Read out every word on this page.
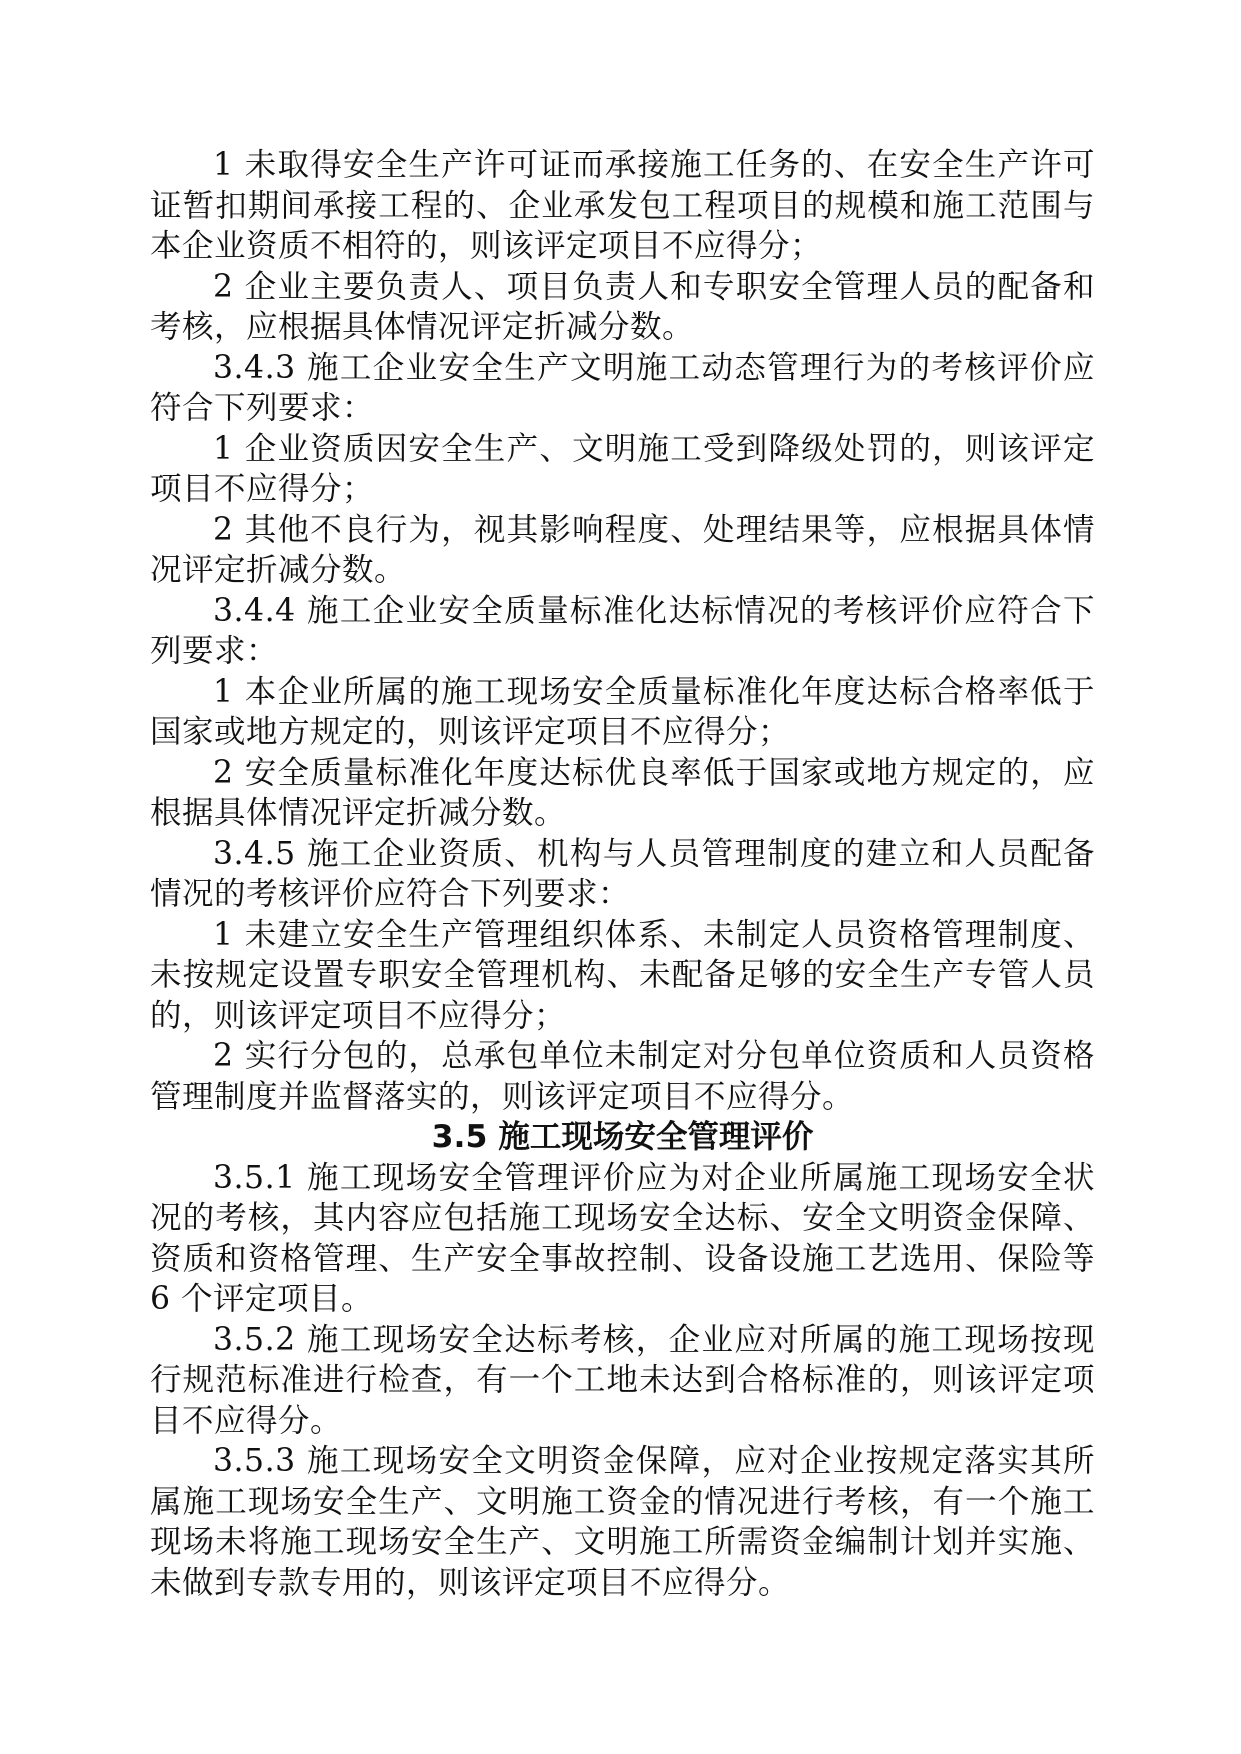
1 未取得安全生产许可证而承接施工任务的、在安全生产许可证暂扣期间承接工程的、企业承发包工程项目的规模和施工范围与本企业资质不相符的，则该评定项目不应得分；

2 企业主要负责人、项目负责人和专职安全管理人员的配备和考核，应根据具体情况评定折减分数。

3.4.3 施工企业安全生产文明施工动态管理行为的考核评价应符合下列要求：

1 企业资质因安全生产、文明施工受到降级处罚的，则该评定项目不应得分；

2 其他不良行为，视其影响程度、处理结果等，应根据具体情况评定折减分数。

3.4.4 施工企业安全质量标准化达标情况的考核评价应符合下列要求：

1 本企业所属的施工现场安全质量标准化年度达标合格率低于国家或地方规定的，则该评定项目不应得分；

2 安全质量标准化年度达标优良率低于国家或地方规定的，应根据具体情况评定折减分数。

3.4.5 施工企业资质、机构与人员管理制度的建立和人员配备情况的考核评价应符合下列要求：

1 未建立安全生产管理组织体系、未制定人员资格管理制度、未按规定设置专职安全管理机构、未配备足够的安全生产专管人员的，则该评定项目不应得分；

2 实行分包的，总承包单位未制定对分包单位资质和人员资格管理制度并监督落实的，则该评定项目不应得分。

3.5 施工现场安全管理评价

3.5.1 施工现场安全管理评价应为对企业所属施工现场安全状况的考核，其内容应包括施工现场安全达标、安全文明资金保障、资质和资格管理、生产安全事故控制、设备设施工艺选用、保险等 6 个评定项目。

3.5.2 施工现场安全达标考核，企业应对所属的施工现场按现行规范标准进行检查，有一个工地未达到合格标准的，则该评定项目不应得分。

3.5.3 施工现场安全文明资金保障，应对企业按规定落实其所属施工现场安全生产、文明施工资金的情况进行考核，有一个施工现场未将施工现场安全生产、文明施工所需资金编制计划并实施、未做到专款专用的，则该评定项目不应得分。
